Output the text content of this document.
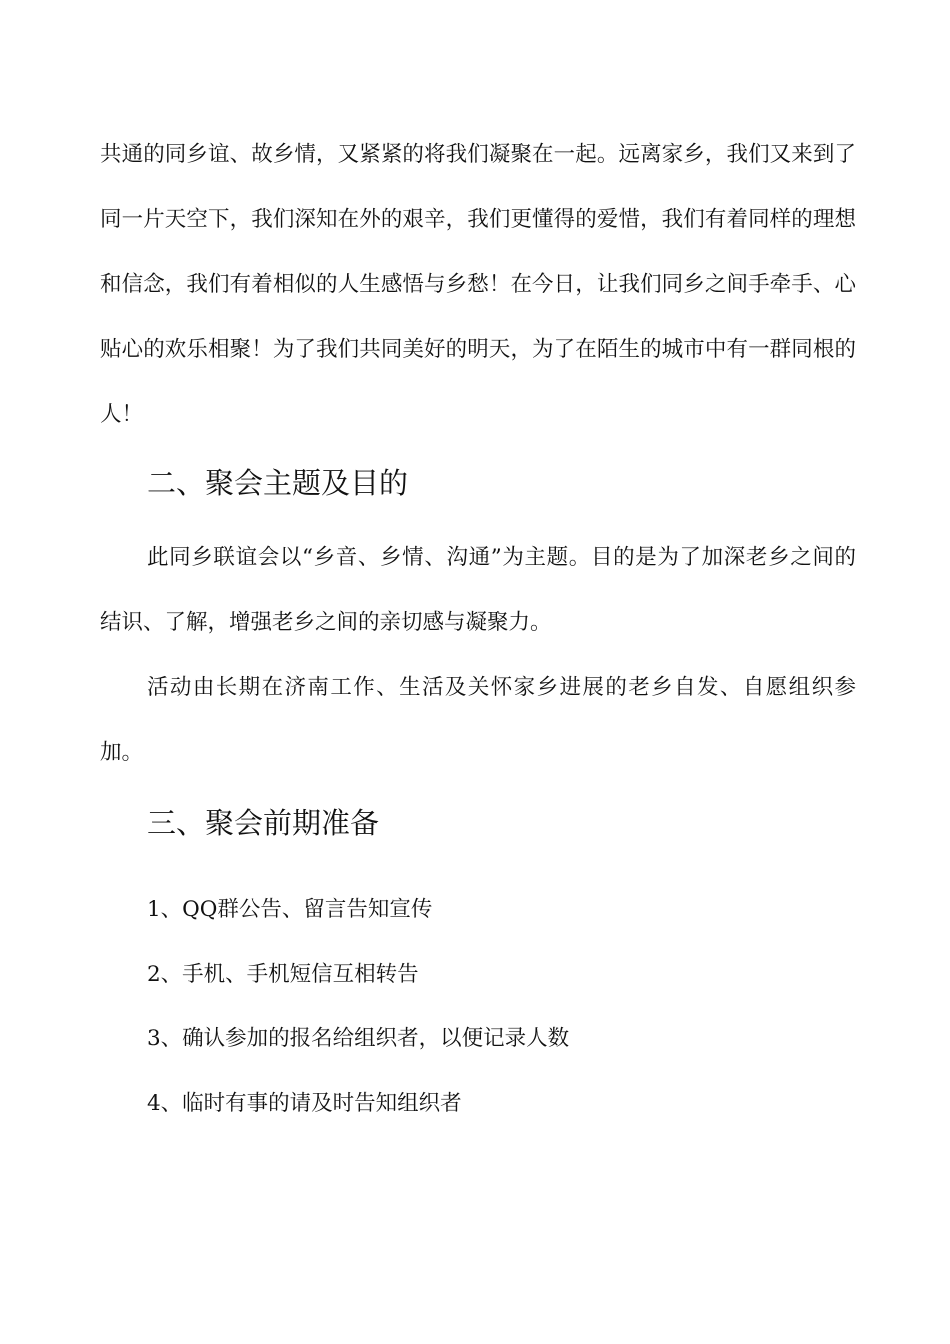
共通的同乡谊、故乡情，又紧紧的将我们凝聚在一起。远离家乡，我们又来到了同一片天空下，我们深知在外的艰辛，我们更懂得的爱惜，我们有着同样的理想和信念，我们有着相似的人生感悟与乡愁！在今日，让我们同乡之间手牵手、心贴心的欢乐相聚！为了我们共同美好的明天，为了在陌生的城市中有一群同根的人！

二、聚会主题及目的

此同乡联谊会以“乡音、乡情、沟通”为主题。目的是为了加深老乡之间的结识、了解，增强老乡之间的亲切感与凝聚力。

活动由长期在济南工作、生活及关怀家乡进展的老乡自发、自愿组织参加。

三、聚会前期准备

1、QQ群公告、留言告知宣传

2、手机、手机短信互相转告

3、确认参加的报名给组织者，以便记录人数

4、临时有事的请及时告知组织者
